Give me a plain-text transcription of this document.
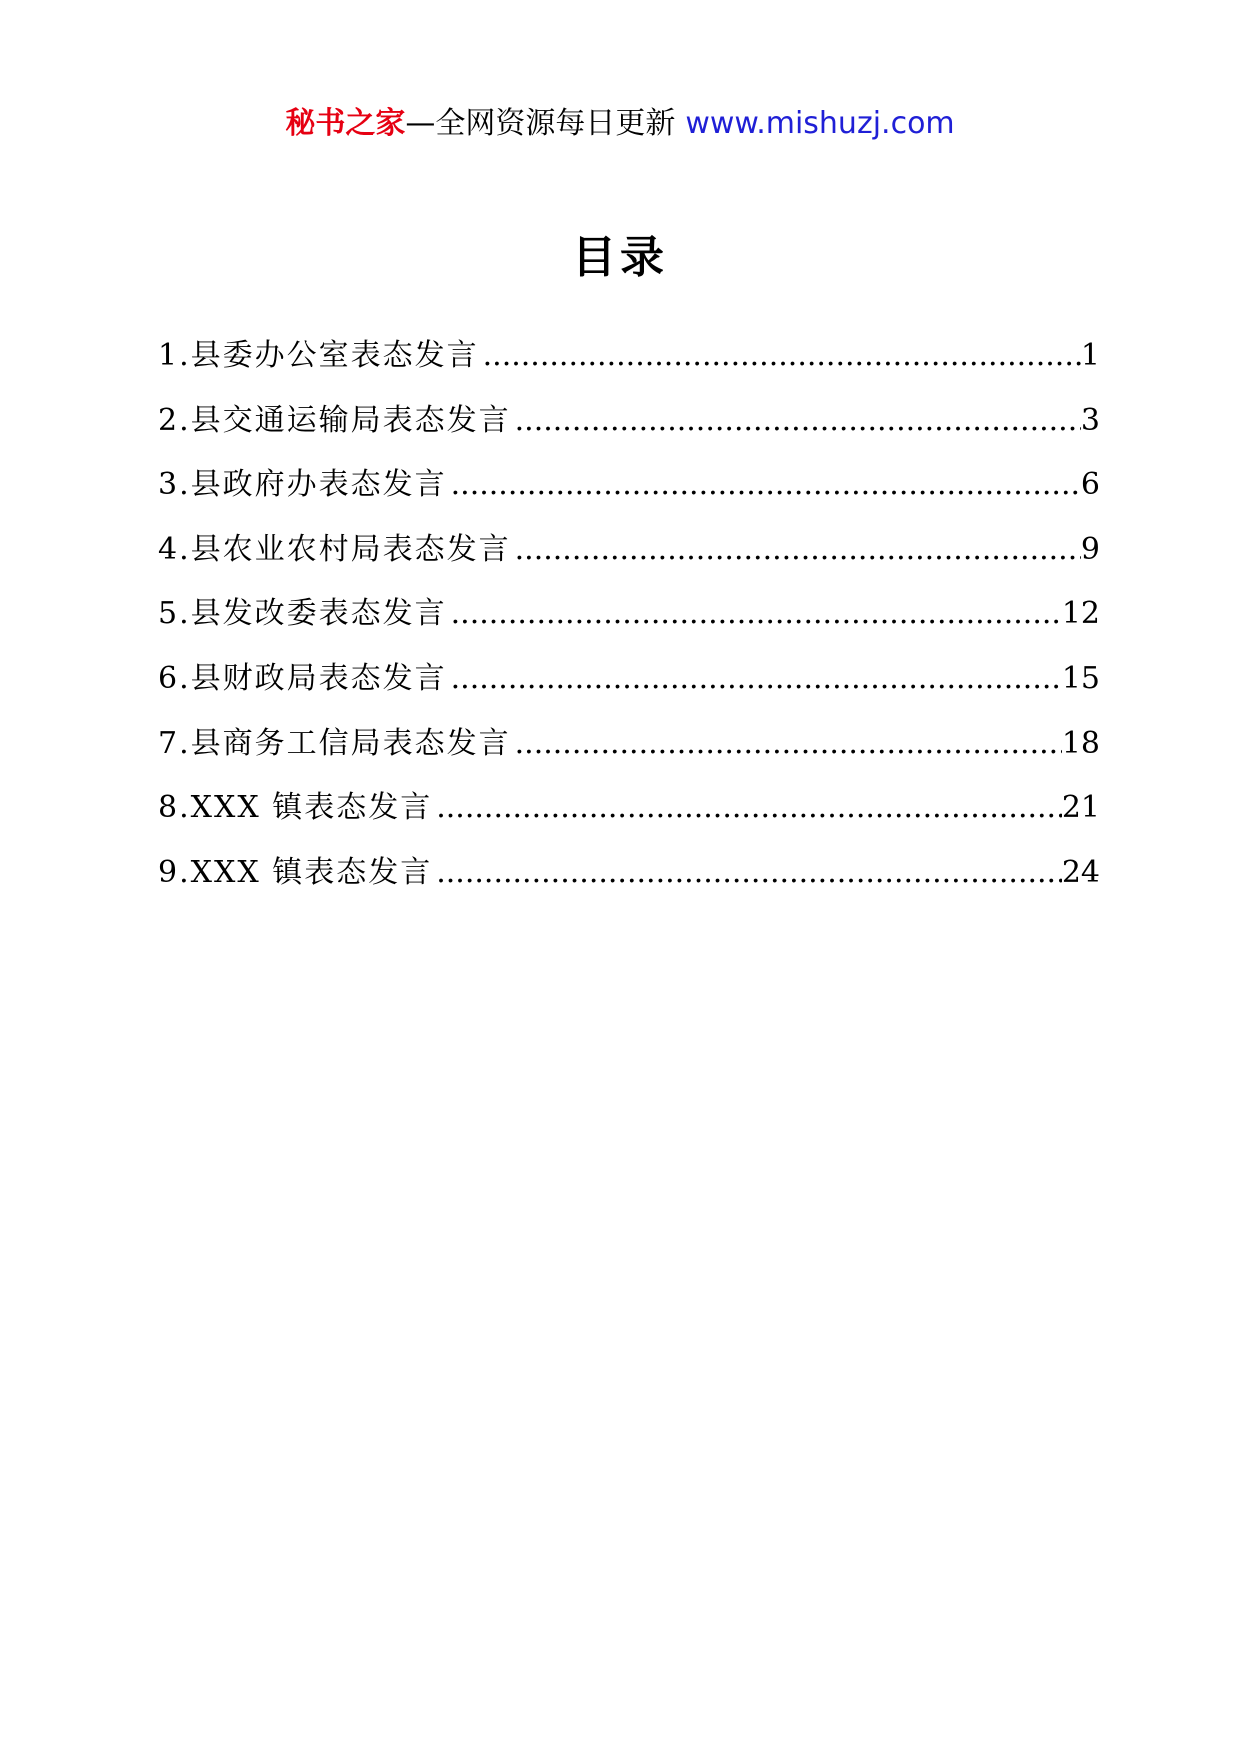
秘书之家—全网资源每日更新 www.mishuzj.com
目录
1.县委办公室表态发言 .....	1
2.县交通运输局表态发言 .....	3
3.县政府办表态发言 .....	6
4.县农业农村局表态发言 .....	9
5.县发改委表态发言 .....	12
6.县财政局表态发言 .....	15
7.县商务工信局表态发言 .....	18
8.XXX 镇表态发言 .....	21
9.XXX 镇表态发言 .....	24
